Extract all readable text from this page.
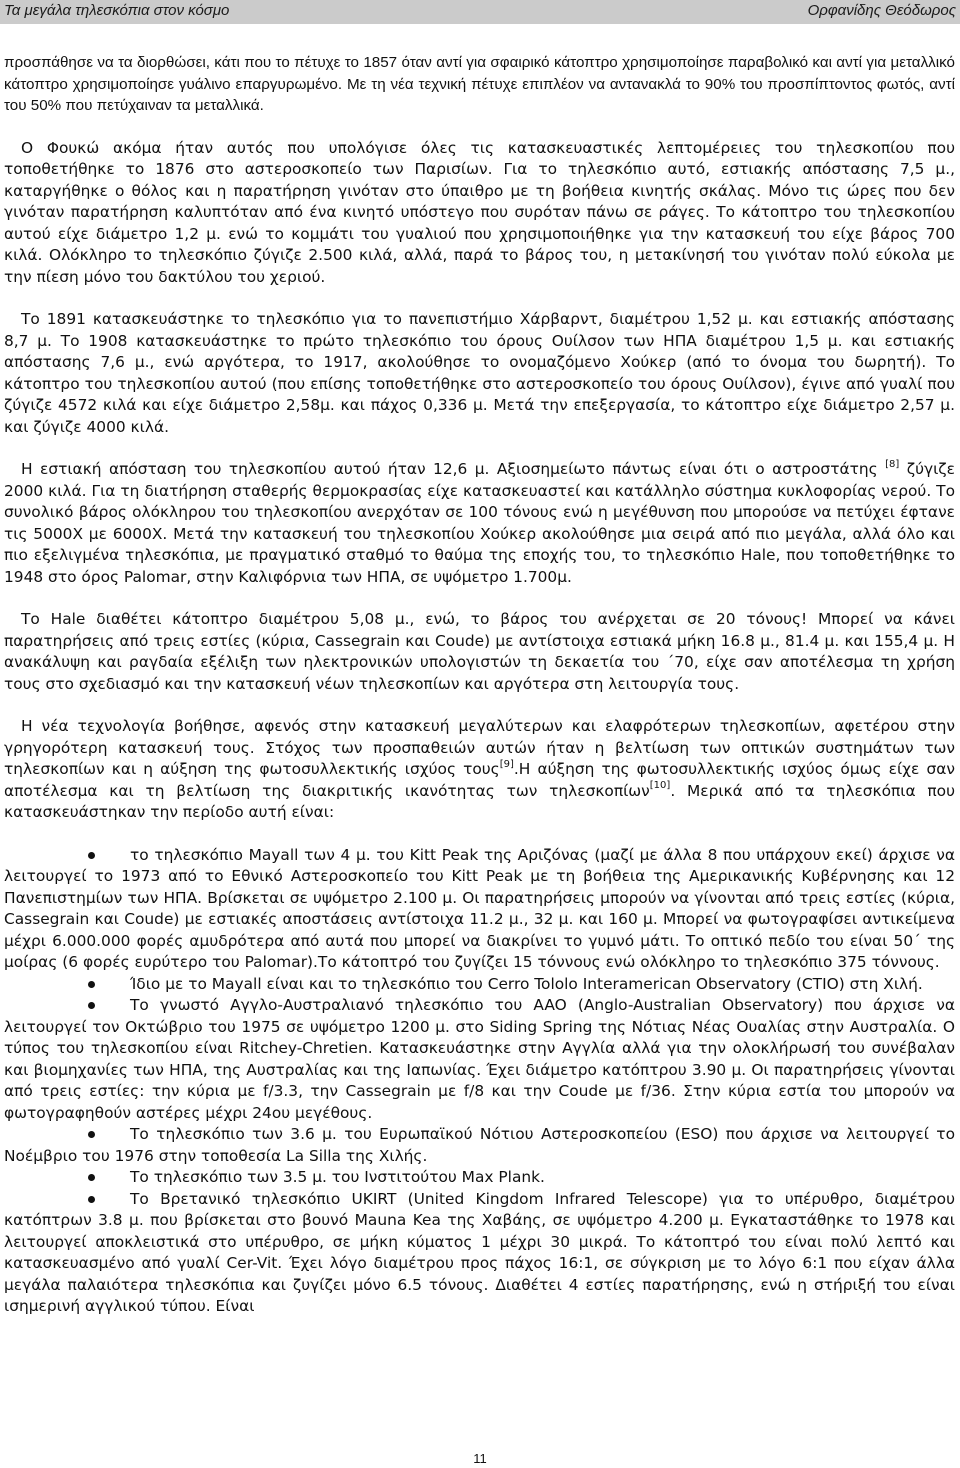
Τα μεγάλα τηλεσκόπια στον κόσμο	Ορφανίδης Θεόδωρος

προσπάθησε να τα διορθώσει, κάτι που το πέτυχε το 1857 όταν αντί για σφαιρικό κάτοπτρο χρησιμοποίησε παραβολικό και αντί για μεταλλικό κάτοπτρο χρησιμοποίησε γυάλινο επαργυρωμένο. Με τη νέα τεχνική πέτυχε επιπλέον να αντανακλά το 90% του προσπίπτοντος φωτός, αντί του 50% που πετύχαιναν τα μεταλλικά.

Ο Φουκώ ακόμα ήταν αυτός που υπολόγισε όλες τις κατασκευαστικές λεπτομέρειες του τηλεσκοπίου που τοποθετήθηκε το 1876 στο αστεροσκοπείο των Παρισίων. Για το τηλεσκόπιο αυτό, εστιακής απόστασης 7,5 μ., καταργήθηκε ο θόλος και η παρατήρηση γινόταν στο ύπαιθρο με τη βοήθεια κινητής σκάλας. Μόνο τις ώρες που δεν γινόταν παρατήρηση καλυπτόταν από ένα κινητό υπόστεγο που συρόταν πάνω σε ράγες. Το κάτοπτρο του τηλεσκοπίου αυτού είχε διάμετρο 1,2 μ. ενώ το κομμάτι του γυαλιού που χρησιμοποιήθηκε για την κατασκευή του είχε βάρος 700 κιλά. Ολόκληρο το τηλεσκόπιο ζύγιζε 2.500 κιλά, αλλά, παρά το βάρος του, η μετακίνησή του γινόταν πολύ εύκολα με την πίεση μόνο του δακτύλου του χεριού.

Το 1891 κατασκευάστηκε το τηλεσκόπιο για το πανεπιστήμιο Χάρβαρντ, διαμέτρου 1,52 μ. και εστιακής απόστασης 8,7 μ. Το 1908 κατασκευάστηκε το πρώτο τηλεσκόπιο του όρους Ουίλσον των ΗΠΑ διαμέτρου 1,5 μ. και εστιακής απόστασης 7,6 μ., ενώ αργότερα, το 1917, ακολούθησε το ονομαζόμενο Χούκερ (από το όνομα του δωρητή). Το κάτοπτρο του τηλεσκοπίου αυτού (που επίσης τοποθετήθηκε στο αστεροσκοπείο του όρους Ουίλσον), έγινε από γυαλί που ζύγιζε 4572 κιλά και είχε διάμετρο 2,58μ. και πάχος 0,336 μ. Μετά την επεξεργασία, το κάτοπτρο είχε διάμετρο 2,57 μ. και ζύγιζε 4000 κιλά.

Η εστιακή απόσταση του τηλεσκοπίου αυτού ήταν 12,6 μ. Αξιοσημείωτο πάντως είναι ότι ο αστροστάτης [8] ζύγιζε 2000 κιλά. Για τη διατήρηση σταθερής θερμοκρασίας είχε κατασκευαστεί και κατάλληλο σύστημα κυκλοφορίας νερού. Το συνολικό βάρος ολόκληρου του τηλεσκοπίου ανερχόταν σε 100 τόνους ενώ η μεγέθυνση που μπορούσε να πετύχει έφτανε τις 5000Χ με 6000Χ. Μετά την κατασκευή του τηλεσκοπίου Χούκερ ακολούθησε μια σειρά από πιο μεγάλα, αλλά όλο και πιο εξελιγμένα τηλεσκόπια, με πραγματικό σταθμό το θαύμα της εποχής του, το τηλεσκόπιο Hale, που τοποθετήθηκε το 1948 στο όρος Palomar, στην Καλιφόρνια των ΗΠΑ, σε υψόμετρο 1.700μ.

Το Hale διαθέτει κάτοπτρο διαμέτρου 5,08 μ., ενώ, το βάρος του ανέρχεται σε 20 τόνους! Μπορεί να κάνει παρατηρήσεις από τρεις εστίες (κύρια, Cassegrain και Coude) με αντίστοιχα εστιακά μήκη 16.8 μ., 81.4 μ. και 155,4 μ. Η ανακάλυψη και ραγδαία εξέλιξη των ηλεκτρονικών υπολογιστών τη δεκαετία του ΄70, είχε σαν αποτέλεσμα τη χρήση τους στο σχεδιασμό και την κατασκευή νέων τηλεσκοπίων και αργότερα στη λειτουργία τους.

Η νέα τεχνολογία βοήθησε, αφενός στην κατασκευή μεγαλύτερων και ελαφρότερων τηλεσκοπίων, αφετέρου στην γρηγορότερη κατασκευή τους. Στόχος των προσπαθειών αυτών ήταν η βελτίωση των οπτικών συστημάτων των τηλεσκοπίων και η αύξηση της φωτοσυλλεκτικής ισχύος τους[9].Η αύξηση της φωτοσυλλεκτικής ισχύος όμως είχε σαν αποτέλεσμα και τη βελτίωση της διακριτικής ικανότητας των τηλεσκοπίων[10]. Μερικά από τα τηλεσκόπια που κατασκευάστηκαν την περίοδο αυτή είναι:

το τηλεσκόπιο Mayall των 4 μ. του Kitt Peak της Αριζόνας (μαζί με άλλα 8 που υπάρχουν εκεί) άρχισε να λειτουργεί το 1973 από το Εθνικό Αστεροσκοπείο του Kitt Peak με τη βοήθεια της Αμερικανικής Κυβέρνησης και 12 Πανεπιστημίων των ΗΠΑ. Βρίσκεται σε υψόμετρο 2.100 μ. Οι παρατηρήσεις μπορούν να γίνονται από τρεις εστίες (κύρια, Cassegrain και Coude) με εστιακές αποστάσεις αντίστοιχα 11.2 μ., 32 μ. και 160 μ. Μπορεί να φωτογραφίσει αντικείμενα μέχρι 6.000.000 φορές αμυδρότερα από αυτά που μπορεί να διακρίνει το γυμνό μάτι. Το οπτικό πεδίο του είναι 50΄ της μοίρας (6 φορές ευρύτερο του Palomar).Το κάτοπτρό του ζυγίζει 15 τόννους ενώ ολόκληρο το τηλεσκόπιο 375 τόννους.
Ίδιο με το Mayall είναι και το τηλεσκόπιο του Cerro Tololo Interamerican Observatory (CTIO) στη Χιλή.
Το γνωστό Αγγλο-Αυστραλιανό τηλεσκόπιο του AAO (Anglo-Australian Observatory) που άρχισε να λειτουργεί τον Οκτώβριο του 1975 σε υψόμετρο 1200 μ. στο Siding Spring της Νότιας Νέας Ουαλίας στην Αυστραλία. Ο τύπος του τηλεσκοπίου είναι Ritchey-Chretien. Κατασκευάστηκε στην Αγγλία αλλά για την ολοκλήρωσή του συνέβαλαν και βιομηχανίες των ΗΠΑ, της Αυστραλίας και της Ιαπωνίας. Έχει διάμετρο κατόπτρου 3.90 μ. Οι παρατηρήσεις γίνονται από τρεις εστίες: την κύρια με f/3.3, την Cassegrain με f/8 και την Coude με f/36. Στην κύρια εστία του μπορούν να φωτογραφηθούν αστέρες μέχρι 24ου μεγέθους.
Το τηλεσκόπιο των 3.6 μ. του Ευρωπαϊκού Νότιου Αστεροσκοπείου (ESO) που άρχισε να λειτουργεί το Νοέμβριο του 1976 στην τοποθεσία La Silla της Χιλής.
Το τηλεσκόπιο των 3.5 μ. του Ινστιτούτου Max Plank.
Το Βρετανικό τηλεσκόπιο UKIRT (United Kingdom Infrared Telescope) για το υπέρυθρο, διαμέτρου κατόπτρων 3.8 μ. που βρίσκεται στο βουνό Mauna Kea της Χαβάης, σε υψόμετρο 4.200 μ. Εγκαταστάθηκε το 1978 και λειτουργεί αποκλειστικά στο υπέρυθρο, σε μήκη κύματος 1 μέχρι 30 μικρά. Το κάτοπτρό του είναι πολύ λεπτό και κατασκευασμένο από γυαλί Cer-Vit. Έχει λόγο διαμέτρου προς πάχος 16:1, σε σύγκριση με το λόγο 6:1 που είχαν άλλα μεγάλα παλαιότερα τηλεσκόπια και ζυγίζει μόνο 6.5 τόνους. Διαθέτει 4 εστίες παρατήρησης, ενώ η στήριξή του είναι ισημερινή αγγλικού τύπου. Είναι
11
